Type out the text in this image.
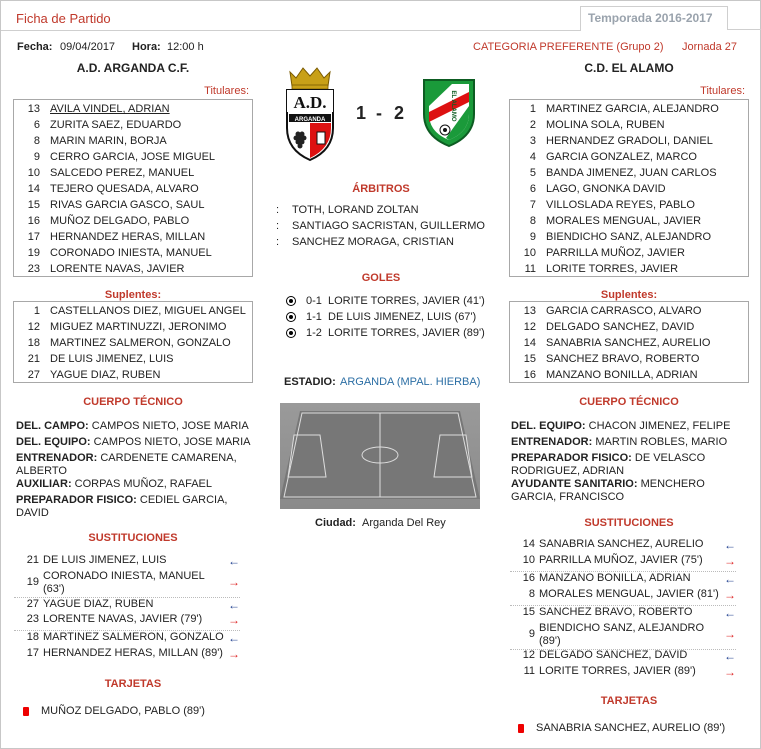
Ficha de Partido	Temporada 2016-2017
Fecha: 09/04/2017 Hora: 12:00 h	CATEGORIA PREFERENTE (Grupo 2) Jornada 27
A.D. ARGANDA C.F.	C.D. EL ALAMO
A.D.
ARGANDA 1 - 2	EL ALAMO
Titulares:
13 AVILA VINDEL, ADRIAN
6 ZURITA SAEZ, EDUARDO
8 MARIN MARIN, BORJA
9 CERRO GARCIA, JOSE MIGUEL
10 SALCEDO PEREZ, MANUEL
14 TEJERO QUESADA, ALVARO
15 RIVAS GARCIA GASCO, SAUL
16 MUÑOZ DELGADO, PABLO
17 HERNANDEZ HERAS, MILLAN
19 CORONADO INIESTA, MANUEL
23 LORENTE NAVAS, JAVIER
Titulares:
1 MARTINEZ GARCIA, ALEJANDRO
2 MOLINA SOLA, RUBEN
3 HERNANDEZ GRADOLI, DANIEL
4 GARCIA GONZALEZ, MARCO
5 BANDA JIMENEZ, JUAN CARLOS
6 LAGO, GNONKA DAVID
7 VILLOSLADA REYES, PABLO
8 MORALES MENGUAL, JAVIER
9 BIENDICHO SANZ, ALEJANDRO
10 PARRILLA MUÑOZ, JAVIER
11 LORITE TORRES, JAVIER
ÁRBITROS
: TOTH, LORAND ZOLTAN
: SANTIAGO SACRISTAN, GUILLERMO
: SANCHEZ MORAGA, CRISTIAN
GOLES
0-1 LORITE TORRES, JAVIER (41')
1-1 DE LUIS JIMENEZ, LUIS (67')
1-2 LORITE TORRES, JAVIER (89')
Suplentes:
1 CASTELLANOS DIEZ, MIGUEL ANGEL
12 MIGUEZ MARTINUZZI, JERONIMO
18 MARTINEZ SALMERON, GONZALO
21 DE LUIS JIMENEZ, LUIS
27 YAGUE DIAZ, RUBEN
Suplentes:
13 GARCIA CARRASCO, ALVARO
12 DELGADO SANCHEZ, DAVID
14 SANABRIA SANCHEZ, AURELIO
15 SANCHEZ BRAVO, ROBERTO
16 MANZANO BONILLA, ADRIAN
ESTADIO: ARGANDA (MPAL. HIERBA)
Ciudad: Arganda Del Rey
CUERPO TÉCNICO
DEL. CAMPO: CAMPOS NIETO, JOSE MARIA
DEL. EQUIPO: CAMPOS NIETO, JOSE MARIA
ENTRENADOR: CARDENETE CAMARENA, ALBERTO
AUXILIAR: CORPAS MUÑOZ, RAFAEL
PREPARADOR FISICO: CEDIEL GARCIA, DAVID
CUERPO TÉCNICO
DEL. EQUIPO: CHACON JIMENEZ, FELIPE
ENTRENADOR: MARTIN ROBLES, MARIO
PREPARADOR FISICO: DE VELASCO RODRIGUEZ, ADRIAN
AYUDANTE SANITARIO: MENCHERO GARCIA, FRANCISCO
SUSTITUCIONES
21 DE LUIS JIMENEZ, LUIS	←
19 CORONADO INIESTA, MANUEL (63')	→
27 YAGUE DIAZ, RUBEN	←
23 LORENTE NAVAS, JAVIER (79') →
18 MARTINEZ SALMERON, GONZALO ←
17 HERNANDEZ HERAS, MILLAN (89') →
SUSTITUCIONES
14 SANABRIA SANCHEZ, AURELIO ←
10 PARRILLA MUÑOZ, JAVIER (75') →
16 MANZANO BONILLA, ADRIAN	←
8 MORALES MENGUAL, JAVIER (81') →
15 SANCHEZ BRAVO, ROBERTO	←
9 BIENDICHO SANZ, ALEJANDRO (89')	→
12 DELGADO SANCHEZ, DAVID	←
11 LORITE TORRES, JAVIER (89') →
TARJETAS
MUÑOZ DELGADO, PABLO (89')
TARJETAS
SANABRIA SANCHEZ, AURELIO (89')
